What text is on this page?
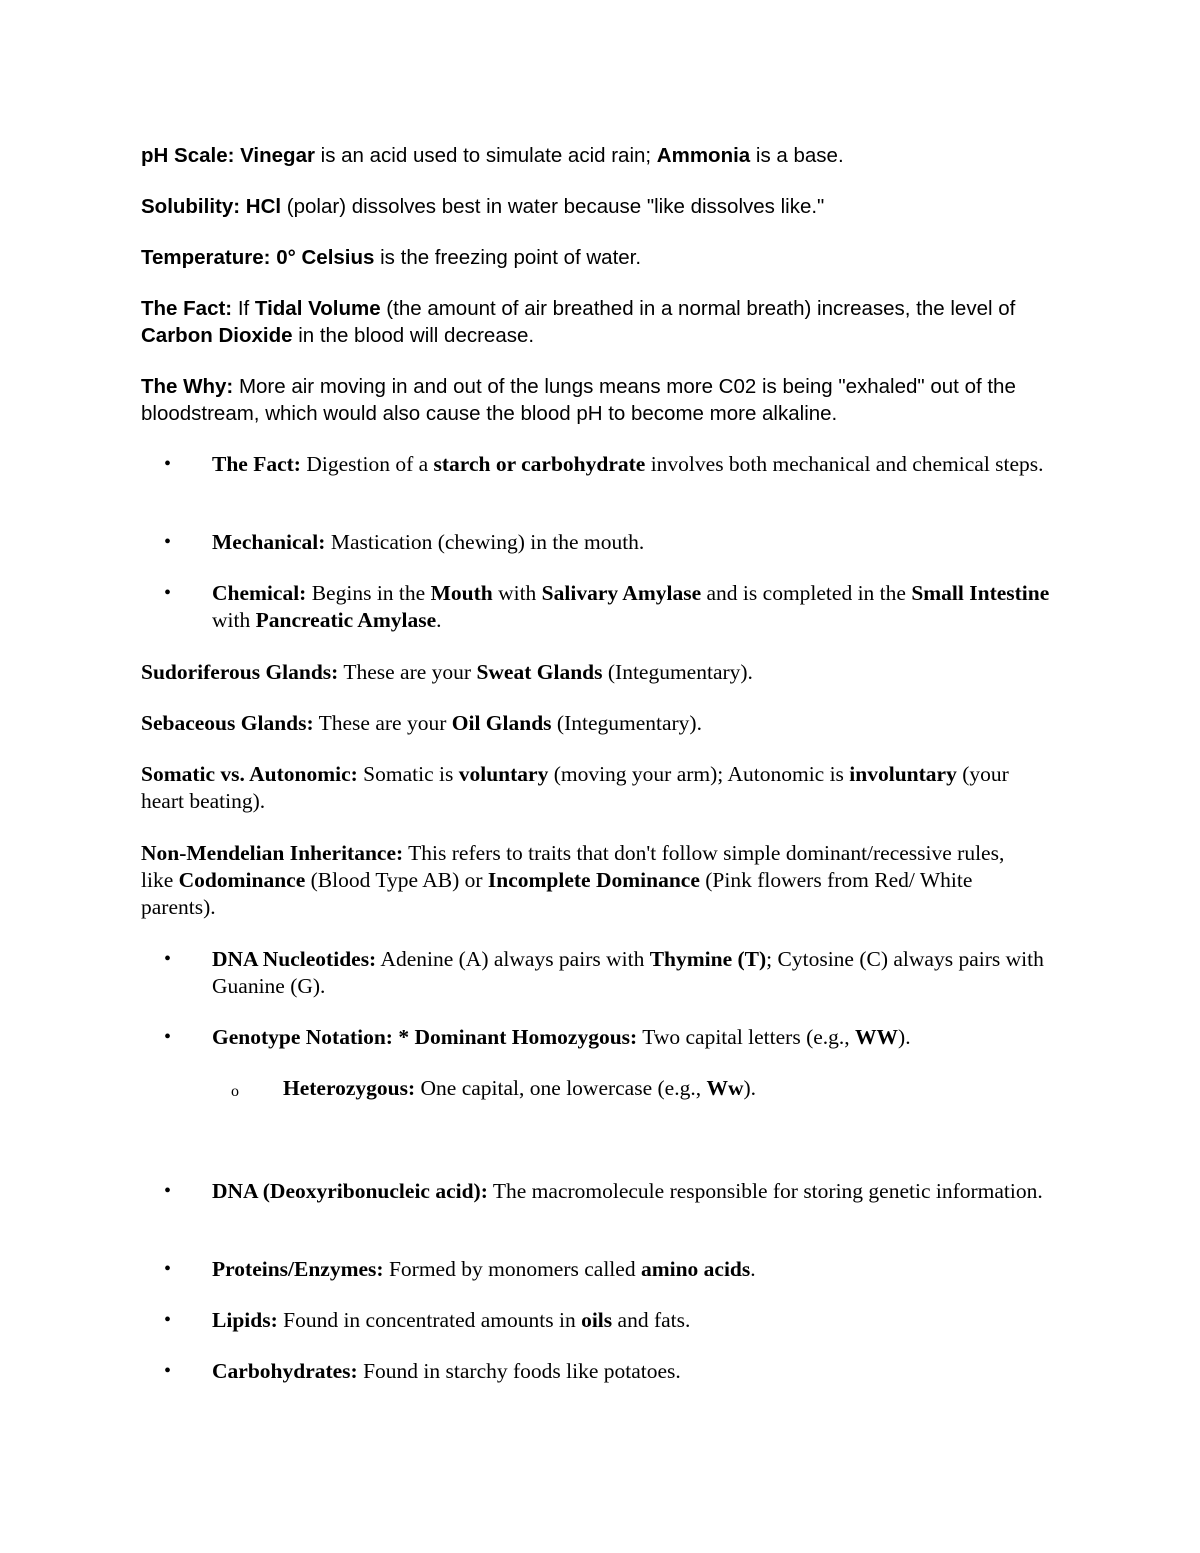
pH Scale: Vinegar is an acid used to simulate acid rain; Ammonia is a base.

Solubility: HCl (polar) dissolves best in water because "like dissolves like."

Temperature: 0° Celsius is the freezing point of water.

The Fact: If Tidal Volume (the amount of air breathed in a normal breath) increases, the level of Carbon Dioxide in the blood will decrease.

The Why: More air moving in and out of the lungs means more C02 is being "exhaled" out of the bloodstream, which would also cause the blood pH to become more alkaline.

• The Fact: Digestion of a starch or carbohydrate involves both mechanical and chemical steps.

• Mechanical: Mastication (chewing) in the mouth.

• Chemical: Begins in the Mouth with Salivary Amylase and is completed in the Small Intestine with Pancreatic Amylase.

Sudoriferous Glands: These are your Sweat Glands (Integumentary).

Sebaceous Glands: These are your Oil Glands (Integumentary).

Somatic vs. Autonomic: Somatic is voluntary (moving your arm); Autonomic is involuntary (your heart beating).

Non-Mendelian Inheritance: This refers to traits that don't follow simple dominant/recessive rules, like Codominance (Blood Type AB) or Incomplete Dominance (Pink flowers from Red/ White parents).

• DNA Nucleotides: Adenine (A) always pairs with Thymine (T); Cytosine (C) always pairs with Guanine (G).

• Genotype Notation: * Dominant Homozygous: Two capital letters (e.g., WW).

o Heterozygous: One capital, one lowercase (e.g., Ww).

• DNA (Deoxyribonucleic acid): The macromolecule responsible for storing genetic information.

• Proteins/Enzymes: Formed by monomers called amino acids.

• Lipids: Found in concentrated amounts in oils and fats.

• Carbohydrates: Found in starchy foods like potatoes.
